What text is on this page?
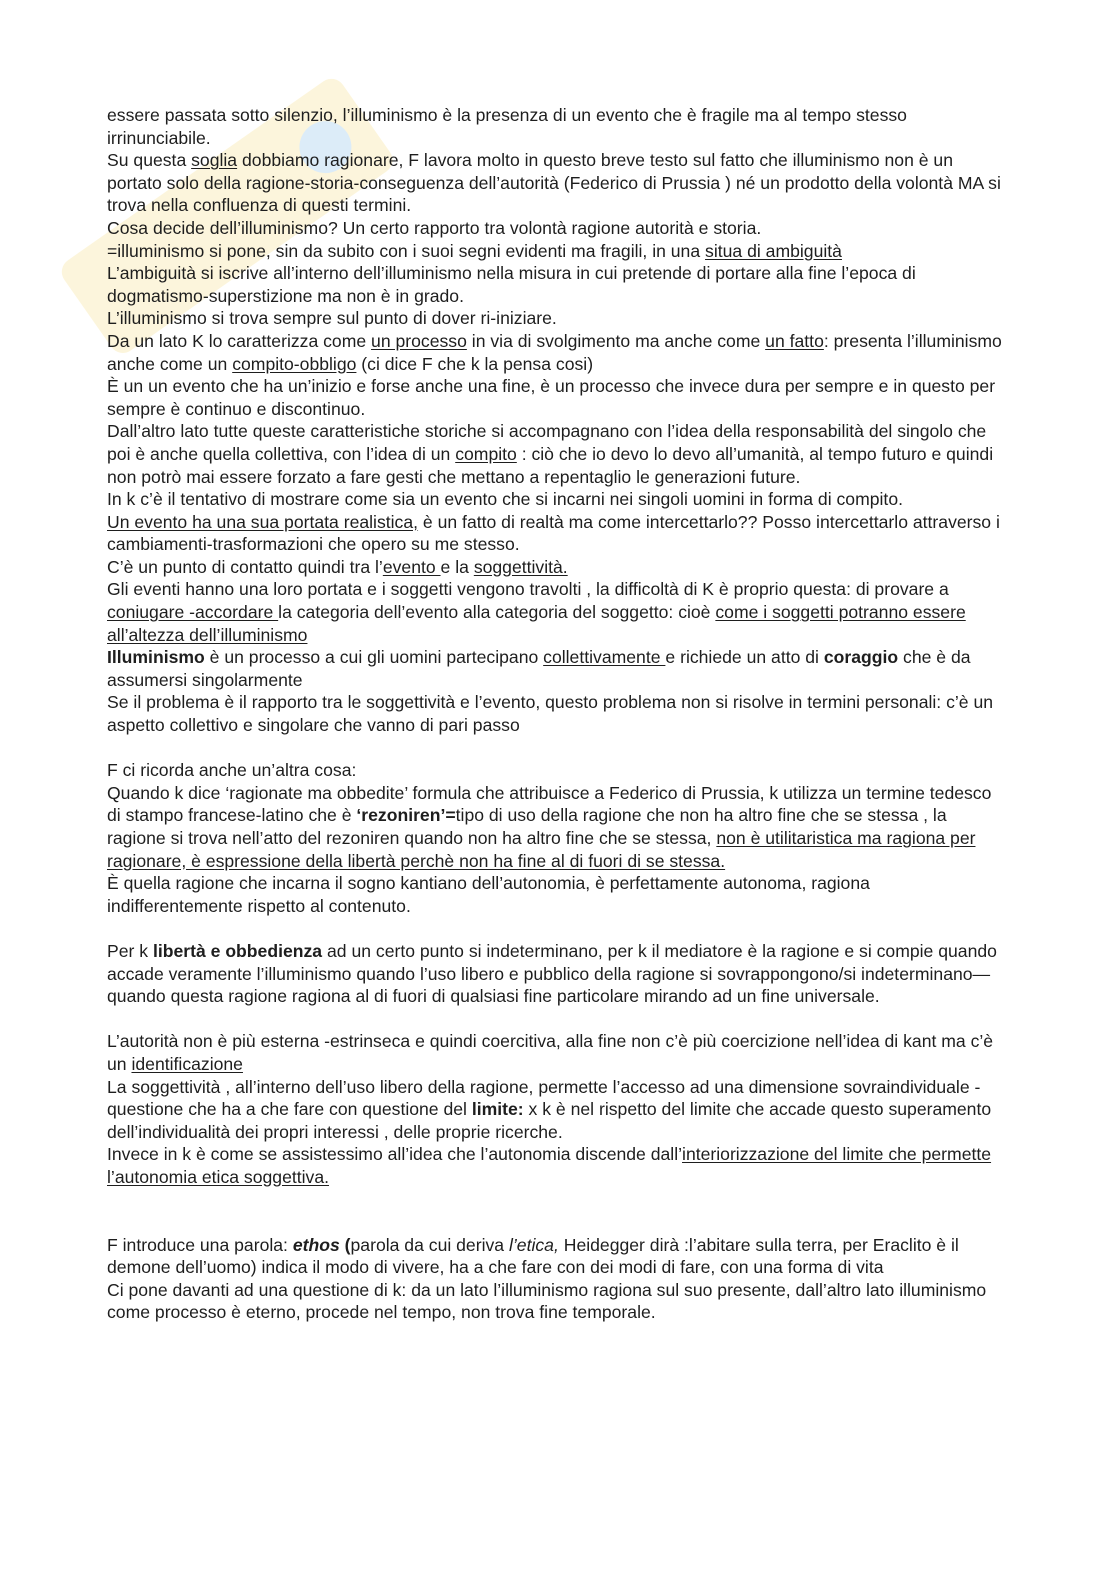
essere passata sotto silenzio, l’illuminismo è la presenza di un evento che è fragile ma al tempo stesso irrinunciabile.

Su questa soglia dobbiamo ragionare, F lavora molto in questo breve testo sul fatto che illuminismo non è un portato solo della ragione-storia-conseguenza dell’autorità (Federico di Prussia ) né un prodotto della volontà MA si trova nella confluenza di questi termini.

Cosa decide dell’illuminismo? Un certo rapporto tra volontà ragione autorità e storia.

=illuminismo si pone, sin da subito con i suoi segni evidenti ma fragili, in una situa di ambiguità

L’ambiguità si iscrive all’interno dell’illuminismo nella misura in cui pretende di portare alla fine l’epoca di dogmatismo-superstizione ma non è in grado.

L’illuminismo si trova sempre sul punto di dover ri-iniziare.

Da un lato K lo caratterizza come un processo in via di svolgimento ma anche come un fatto: presenta l’illuminismo anche come un compito-obbligo (ci dice F che k la pensa cosi)

È un un evento che ha un’inizio e forse anche una fine, è un processo che invece dura per sempre e in questo per sempre è continuo e discontinuo.

Dall’altro lato tutte queste caratteristiche storiche si accompagnano con l’idea della responsabilità del singolo che poi è anche quella collettiva, con l’idea di un compito : ciò che io devo lo devo all’umanità, al tempo futuro e quindi non potrò mai essere forzato a fare gesti che mettano a repentaglio le generazioni future.

In k c’è il tentativo di mostrare come sia un evento che si incarni nei singoli uomini in forma di compito.

Un evento ha una sua portata realistica, è un fatto di realtà ma come intercettarlo?? Posso intercettarlo attraverso i cambiamenti-trasformazioni che opero su me stesso.

C’è un punto di contatto quindi tra l’evento e la soggettività.

Gli eventi hanno una loro portata e i soggetti vengono travolti , la difficoltà di K è proprio questa: di provare a coniugare -accordare la categoria dell’evento alla categoria del soggetto: cioè come i soggetti potranno essere all’altezza dell’illuminismo

Illuminismo è un processo a cui gli uomini partecipano collettivamente e richiede un atto di coraggio che è da assumersi singolarmente

Se il problema è il rapporto tra le soggettività e l’evento, questo problema non si risolve in termini personali: c’è un aspetto collettivo e singolare che vanno di pari passo

F ci ricorda anche un’altra cosa:

Quando k dice ‘ragionate ma obbedite’ formula che attribuisce a Federico di Prussia, k utilizza un termine tedesco di stampo francese-latino che è ‘rezoniren’=tipo di uso della ragione che non ha altro fine che se stessa , la ragione si trova nell’atto del rezoniren quando non ha altro fine che se stessa, non è utilitaristica ma ragiona per ragionare, è espressione della libertà perchè non ha fine al di fuori di se stessa.

È quella ragione che incarna il sogno kantiano dell’autonomia, è perfettamente autonoma, ragiona indifferentemente rispetto al contenuto.

Per k libertà e obbedienza ad un certo punto si indeterminano, per k il mediatore è la ragione e si compie quando accade veramente l’illuminismo quando l’uso libero e pubblico della ragione si sovrappongono/si indeterminano—quando questa ragione ragiona al di fuori di qualsiasi fine particolare mirando ad un fine universale.

L’autorità non è più esterna -estrinseca e quindi coercitiva, alla fine non c’è più coercizione nell’idea di kant ma c’è un identificazione

La soggettività , all’interno dell’uso libero della ragione, permette l’accesso ad una dimensione sovraindividuale - questione che ha a che fare con questione del limite: x k è nel rispetto del limite che accade questo superamento dell’individualità dei propri interessi , delle proprie ricerche.

Invece in k è come se assistessimo all’idea che l’autonomia discende dall’interiorizzazione del limite che permette l’autonomia etica soggettiva.

F introduce una parola: ethos (parola da cui deriva l’etica, Heidegger dirà :l’abitare sulla terra, per Eraclito è il demone dell’uomo) indica il modo di vivere, ha a che fare con dei modi di fare, con una forma di vita

Ci pone davanti ad una questione di k: da un lato l’illuminismo ragiona sul suo presente, dall’altro lato illuminismo come processo è eterno, procede nel tempo, non trova fine temporale.
